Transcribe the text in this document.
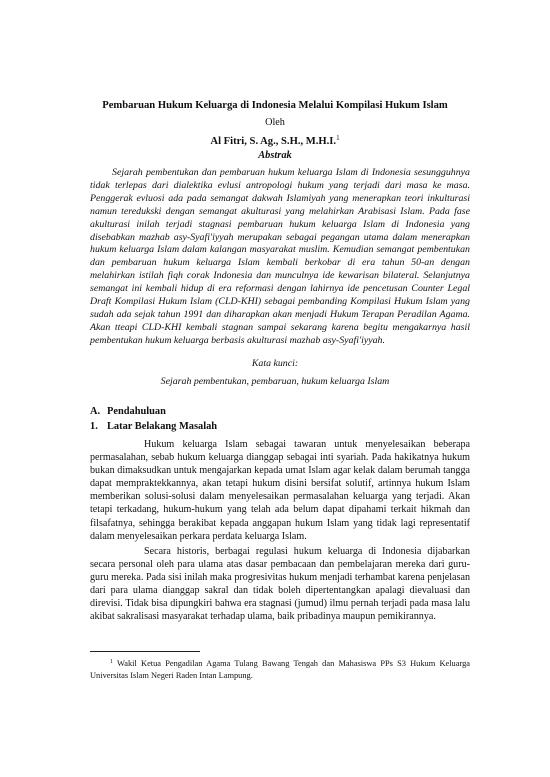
Pembaruan Hukum Keluarga di Indonesia Melalui Kompilasi Hukum Islam
Oleh
Al Fitri, S. Ag., S.H., M.H.I.$^1$
Abstrak
Sejarah pembentukan dan pembaruan hukum keluarga Islam di Indonesia sesungguhnya tidak terlepas dari dialektika evlusi antropologi hukum yang terjadi dari masa ke masa. Penggerak evluosi ada pada semangat dakwah Islamiyah yang menerapkan teori inkulturasi namun teredukski dengan semangat akulturasi yang melahirkan Arabisasi Islam. Pada fase akulturasi inilah terjadi stagnasi pembaruan hukum keluarga Islam di Indonesia yang disebabkan mazhab asy-Syafi'iyyah merupakan sebagai pegangan utama dalam menerapkan hukum keluarga Islam dalam kalangan masyarakat muslim. Kemudian semangat pembentukan dan pembaruan hukum keluarga Islam kembali berkobar di era tahun 50-an dengan melahirkan istilah fiqh corak Indonesia dan munculnya ide kewarisan bilateral. Selanjutnya semangat ini kembali hidup di era reformasi dengan lahirnya ide pencetusan Counter Legal Draft Kompilasi Hukum Islam (CLD-KHI) sebagai pembanding Kompilasi Hukum Islam yang sudah ada sejak tahun 1991 dan diharapkan akan menjadi Hukum Terapan Peradilan Agama. Akan tteapi CLD-KHI kembali stagnan sampai sekarang karena begitu mengakarnya hasil pembentukan hukum keluarga berbasis akulturasi mazhab asy-Syafi'iyyah.
Kata kunci:
Sejarah pembentukan, pembaruan, hukum keluarga Islam
A. Pendahuluan
1. Latar Belakang Masalah
Hukum keluarga Islam sebagai tawaran untuk menyelesaikan beberapa permasalahan, sebab hukum keluarga dianggap sebagai inti syariah. Pada hakikatnya hukum bukan dimaksudkan untuk mengajarkan kepada umat Islam agar kelak dalam berumah tangga dapat mempraktekkannya, akan tetapi hukum disini bersifat solutif, artinnya hukum Islam memberikan solusi-solusi dalam menyelesaikan permasalahan keluarga yang terjadi. Akan tetapi terkadang, hukum-hukum yang telah ada belum dapat dipahami terkait hikmah dan filsafatnya, sehingga berakibat kepada anggapan hukum Islam yang tidak lagi representatif dalam menyelesaikan perkara perdata keluarga Islam.
Secara historis, berbagai regulasi hukum keluarga di Indonesia dijabarkan secara personal oleh para ulama atas dasar pembacaan dan pembelajaran mereka dari guru-guru mereka. Pada sisi inilah maka progresivitas hukum menjadi terhambat karena penjelasan dari para ulama dianggap sakral dan tidak boleh dipertentangkan apalagi dievaluasi dan direvisi. Tidak bisa dipungkiri bahwa era stagnasi (jumud) ilmu pernah terjadi pada masa lalu akibat sakralisasi masyarakat terhadap ulama, baik pribadinya maupun pemikirannya.
$^1$ Wakil Ketua Pengadilan Agama Tulang Bawang Tengah dan Mahasiswa PPs S3 Hukum Keluarga Universitas Islam Negeri Raden Intan Lampung.
